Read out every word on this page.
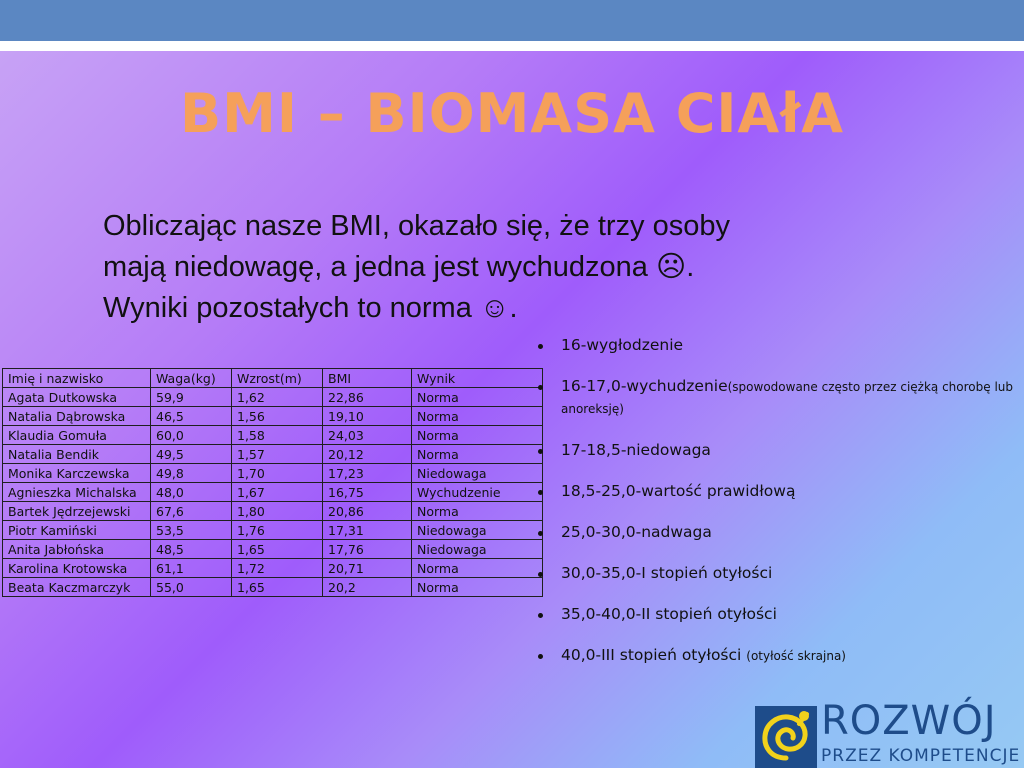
BMI – BIOMASA CIAłA

Obliczając nasze BMI, okazało się, że trzy osoby

mają niedowagę, a jedna jest wychudzona ☹.

Wyniki pozostałych to norma ☺.

Imię i nazwisko	Waga(kg)	Wzrost(m)	BMI	Wynik
Agata Dutkowska	59,9	1,62	22,86	Norma
Natalia Dąbrowska	46,5	1,56	19,10	Norma
Klaudia Gomuła	60,0	1,58	24,03	Norma
Natalia Bendik	49,5	1,57	20,12	Norma
Monika Karczewska	49,8	1,70	17,23	Niedowaga
Agnieszka Michalska	48,0	1,67	16,75	Wychudzenie
Bartek Jędrzejewski	67,6	1,80	20,86	Norma
Piotr Kamiński	53,5	1,76	17,31	Niedowaga
Anita Jabłońska	48,5	1,65	17,76	Niedowaga
Karolina Krotowska	61,1	1,72	20,71	Norma
Beata Kaczmarczyk	55,0	1,65	20,2	Norma
16-wygłodzenie
16-17,0-wychudzenie(spowodowane często przez ciężką chorobę lub anoreksję)
17-18,5-niedowaga
18,5-25,0-wartość prawidłową
25,0-30,0-nadwaga
30,0-35,0-I stopień otyłości
35,0-40,0-II stopień otyłości
40,0-III stopień otyłości (otyłość skrajna)
ROZWÓJ
PRZEZ KOMPETENCJE
